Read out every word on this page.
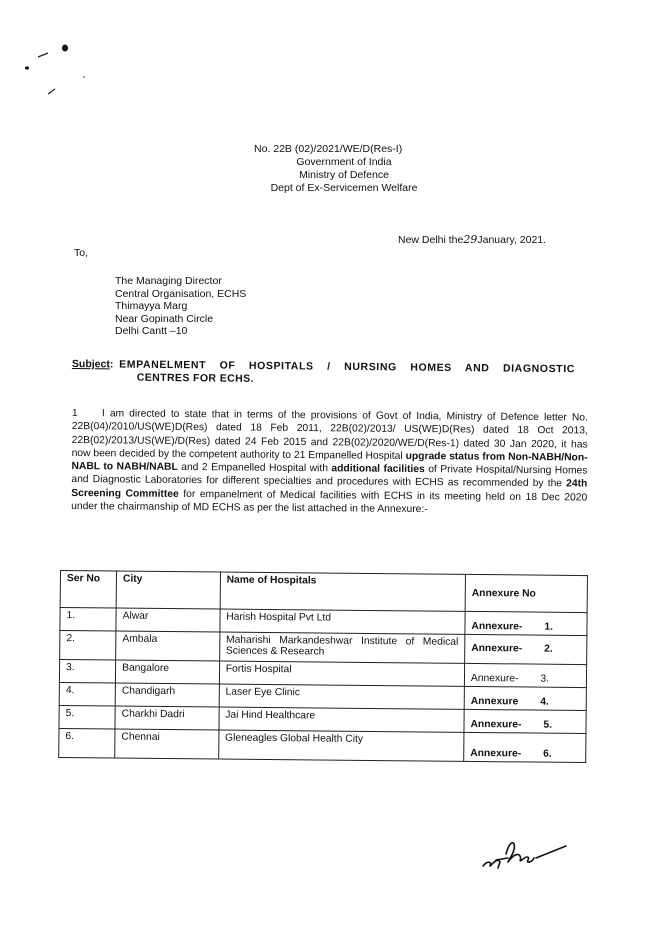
No. 22B (02)/2021/WE/D(Res-I)
Government of India
Ministry of Defence
Dept of Ex-Servicemen Welfare
New Delhi the29January, 2021.
To,
The Managing Director
Central Organisation, ECHS
Thimayya Marg
Near Gopinath Circle
Delhi Cantt –10
Subject:  EMPANELMENT OF HOSPITALS / NURSING HOMES AND DIAGNOSTIC
CENTRES FOR ECHS.
1 I am directed to state that in terms of the provisions of Govt of India, Ministry of Defence letter No. 22B(04)/2010/US(WE)D(Res) dated 18 Feb 2011, 22B(02)/2013/ US(WE)D(Res) dated 18 Oct 2013, 22B(02)/2013/US(WE)/D(Res) dated 24 Feb 2015 and 22B(02)/2020/WE/D(Res-1) dated 30 Jan 2020, it has now been decided by the competent authority to 21 Empanelled Hospital upgrade status from Non-NABH/Non-NABL to NABH/NABL and 2 Empanelled Hospital with additional facilities of Private Hospital/Nursing Homes and Diagnostic Laboratories for different specialties and procedures with ECHS as recommended by the 24th Screening Committee for empanelment of Medical facilities with ECHS in its meeting held on 18 Dec 2020 under the chairmanship of MD ECHS as per the list attached in the Annexure:-
Ser No	City	Name of Hospitals	Annexure No
1.	Alwar	Harish Hospital Pvt Ltd	Annexure- 1.
2.	Ambala	Maharishi Markandeshwar Institute of Medical Sciences & Research	Annexure- 2.
3.	Bangalore	Fortis Hospital	Annexure- 3.
4.	Chandigarh	Laser Eye Clinic	Annexure 4.
5.	Charkhi Dadri	Jai Hind Healthcare	Annexure- 5.
6.	Chennai	Gleneagles Global Health City	Annexure- 6.
